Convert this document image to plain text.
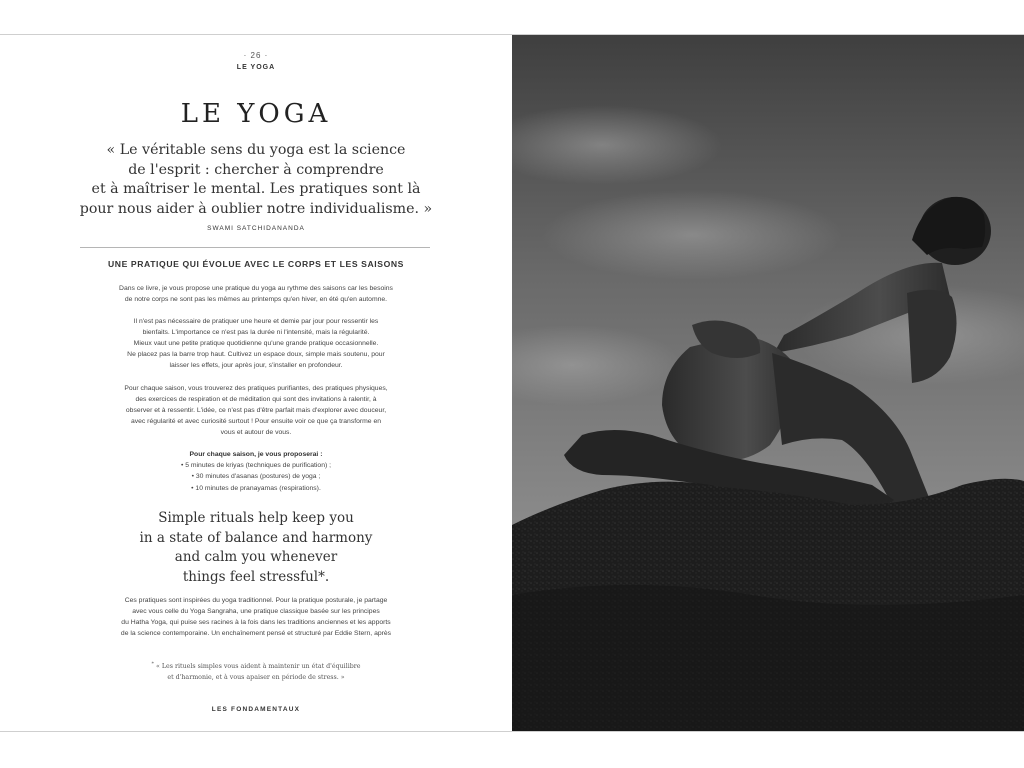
· 26 ·
LE YOGA
LE YOGA
« Le véritable sens du yoga est la science
de l'esprit : chercher à comprendre
et à maîtriser le mental. Les pratiques sont là
pour nous aider à oublier notre individualisme. »
SWAMI SATCHIDANANDA
UNE PRATIQUE QUI ÉVOLUE AVEC LE CORPS ET LES SAISONS
Dans ce livre, je vous propose une pratique du yoga au rythme des saisons car les besoins
de notre corps ne sont pas les mêmes au printemps qu'en hiver, en été qu'en automne.
Il n'est pas nécessaire de pratiquer une heure et demie par jour pour ressentir les
bienfaits. L'importance ce n'est pas la durée ni l'intensité, mais la régularité.
Mieux vaut une petite pratique quotidienne qu'une grande pratique occasionnelle.
Ne placez pas la barre trop haut. Cultivez un espace doux, simple mais soutenu, pour
laisser les effets, jour après jour, s'installer en profondeur.
Pour chaque saison, vous trouverez des pratiques purifiantes, des pratiques physiques,
des exercices de respiration et de méditation qui sont des invitations à ralentir, à
observer et à ressentir. L'idée, ce n'est pas d'être parfait mais d'explorer avec douceur,
avec régularité et avec curiosité surtout ! Pour ensuite voir ce que ça transforme en
vous et autour de vous.
Pour chaque saison, je vous proposerai :
• 5 minutes de kriyas (techniques de purification) ;
• 30 minutes d'asanas (postures) de yoga ;
• 10 minutes de pranayamas (respirations).
Simple rituals help keep you
in a state of balance and harmony
and calm you whenever
things feel stressful*.
Ces pratiques sont inspirées du yoga traditionnel. Pour la pratique posturale, je partage
avec vous celle du Yoga Sangraha, une pratique classique basée sur les principes
du Hatha Yoga, qui puise ses racines à la fois dans les traditions anciennes et les apports
de la science contemporaine. Un enchaînement pensé et structuré par Eddie Stern, après
* « Les rituels simples vous aident à maintenir un état d'équilibre
et d'harmonie, et à vous apaiser en période de stress. »
LES FONDAMENTAUX
